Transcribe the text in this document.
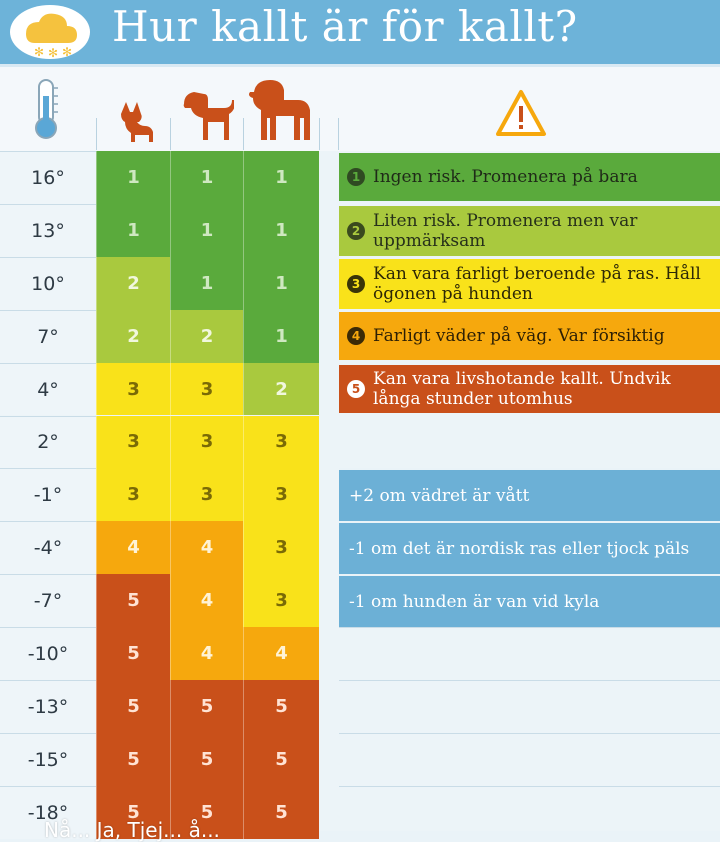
✻ ✻ ✻
Hur kallt är för kallt?
16°	1	1	1
13°	1	1	1
10°	2	1	1
7°	2	2	1
4°	3	3	2
2°	3	3	3
-1°	3	3	3
-4°	4	4	3
-7°	5	4	3
-10°	5	4	4
-13°	5	5	5
-15°	5	5	5
-18°	5	5	5
1 Ingen risk. Promenera på bara
2 Liten risk. Promenera men var uppmärksam
3 Kan vara farligt beroende på ras. Håll ögonen på hunden
4 Farligt väder på väg. Var försiktig
5 Kan vara livshotande kallt. Undvik långa stunder utomhus
+2 om vädret är vått
-1 om det är nordisk ras eller tjock päls
-1 om hunden är van vid kyla
Nå... Ja, Tjej... å...
